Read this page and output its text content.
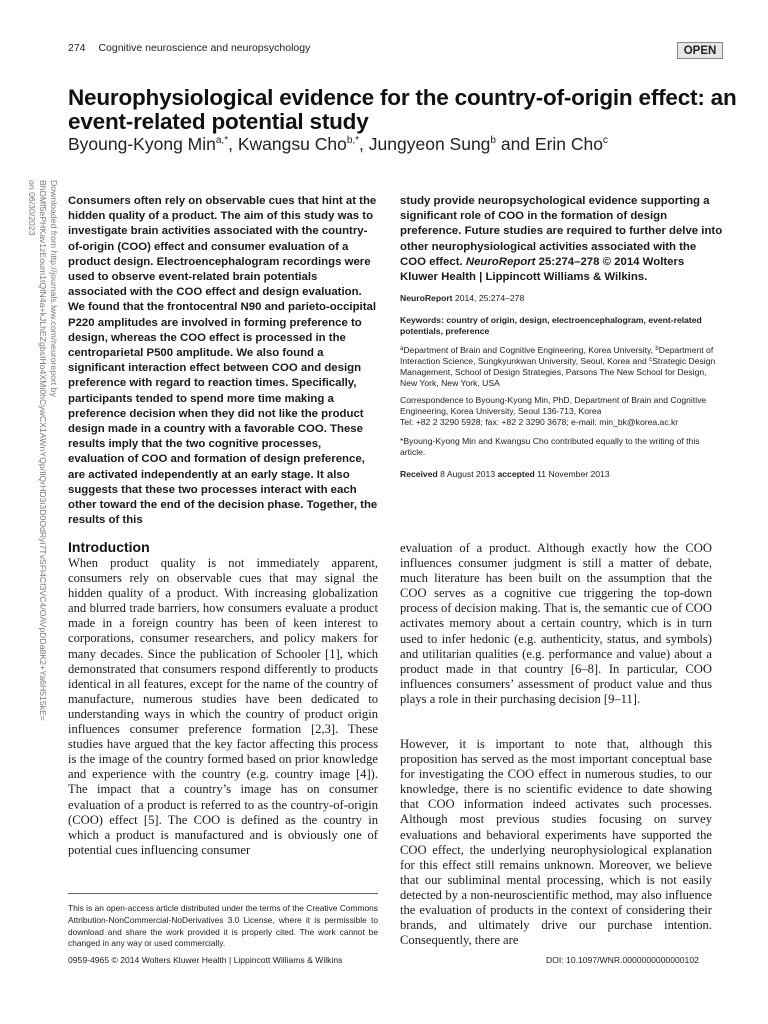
274 Cognitive neuroscience and neuropsychology	OPEN
Neurophysiological evidence for the country-of-origin effect: an event-related potential study
Byoung-Kyong Min$^{a,*}$, Kwangsu Cho$^{b,*}$, Jungyeon Sung$^b$ and Erin Cho$^c$
Downloaded from http://journals.lww.com/neuroreport by BhDMf5ePHKav1zEoum1tQfN4a+kJLhEZgbsIHo4XMi0hCywCX1AWnYQp/IlQrHD3i3D0OdRyi7TvSFl4Cf3VC4/OAVpDDa8K2+Ya6H515kE= on 06/30/2023	Consumers often rely on observable cues that hint at the hidden quality of a product. The aim of this study was to investigate brain activities associated with the country-of-origin (COO) effect and consumer evaluation of a product design. Electroencephalogram recordings were used to observe event-related brain potentials associated with the COO effect and design evaluation. We found that the frontocentral N90 and parieto-occipital P220 amplitudes are involved in forming preference to design, whereas the COO effect is processed in the centroparietal P500 amplitude. We also found a significant interaction effect between COO and design preference with regard to reaction times. Specifically, participants tended to spend more time making a preference decision when they did not like the product design made in a country with a favorable COO. These results imply that the two cognitive processes, evaluation of COO and formation of design preference, are activated independently at an early stage. It also suggests that these two processes interact with each other toward the end of the decision phase. Together, the results of this
study provide neuropsychological evidence supporting a significant role of COO in the formation of design preference. Future studies are required to further delve into other neurophysiological activities associated with the COO effect. NeuroReport 25:274–278 © 2014 Wolters Kluwer Health | Lippincott Williams & Wilkins.
NeuroReport 2014, 25:274–278
Keywords: country of origin, design, electroencephalogram, event-related potentials, preference
$^a$Department of Brain and Cognitive Engineering, Korea University, $^b$Department of Interaction Science, Sungkyunkwan University, Seoul, Korea and $^c$Strategic Design Management, School of Design Strategies, Parsons The New School for Design, New York, New York, USA
Correspondence to Byoung-Kyong Min, PhD, Department of Brain and Cognitive Engineering, Korea University, Seoul 136-713, Korea
Tel: +82 2 3290 5928; fax: +82 2 3290 3678; e-mail: min_bk@korea.ac.kr
*Byoung-Kyong Min and Kwangsu Cho contributed equally to the writing of this article.
Received 8 August 2013 accepted 11 November 2013
Introduction

When product quality is not immediately apparent, consumers rely on observable cues that may signal the hidden quality of a product. With increasing globalization and blurred trade barriers, how consumers evaluate a product made in a foreign country has been of keen interest to corporations, consumer researchers, and policy makers for many decades. Since the publication of Schooler [1], which demonstrated that consumers respond differently to products identical in all features, except for the name of the country of manufacture, numerous studies have been dedicated to understanding ways in which the country of product origin influences consumer preference formation [2,3]. These studies have argued that the key factor affecting this process is the image of the country formed based on prior knowledge and experience with the country (e.g. country image [4]). The impact that a country’s image has on consumer evaluation of a product is referred to as the country-of-origin (COO) effect [5]. The COO is defined as the country in which a product is manufactured and is obviously one of potential cues influencing consumer

evaluation of a product. Although exactly how the COO influences consumer judgment is still a matter of debate, much literature has been built on the assumption that the COO serves as a cognitive cue triggering the top-down process of decision making. That is, the semantic cue of COO activates memory about a certain country, which is in turn used to infer hedonic (e.g. authenticity, status, and symbols) and utilitarian qualities (e.g. performance and value) about a product made in that country [6–8]. In particular, COO influences consumers’ assessment of product value and thus plays a role in their purchasing decision [9–11].

However, it is important to note that, although this proposition has served as the most important conceptual base for investigating the COO effect in numerous studies, to our knowledge, there is no scientific evidence to date showing that COO information indeed activates such processes. Although most previous studies focusing on survey evaluations and behavioral experiments have supported the COO effect, the underlying neurophysiological explanation for this effect still remains unknown. Moreover, we believe that our subliminal mental processing, which is not easily detected by a non-neuroscientific method, may also influence the evaluation of products in the context of considering their brands, and ultimately drive our purchase intention. Consequently, there are

This is an open-access article distributed under the terms of the Creative Commons Attribution-NonCommercial-NoDerivatives 3.0 License, where it is permissible to download and share the work provided it is properly cited. The work cannot be changed in any way or used commercially.
0959-4965 © 2014 Wolters Kluwer Health | Lippincott Williams & Wilkins	DOI: 10.1097/WNR.0000000000000102
